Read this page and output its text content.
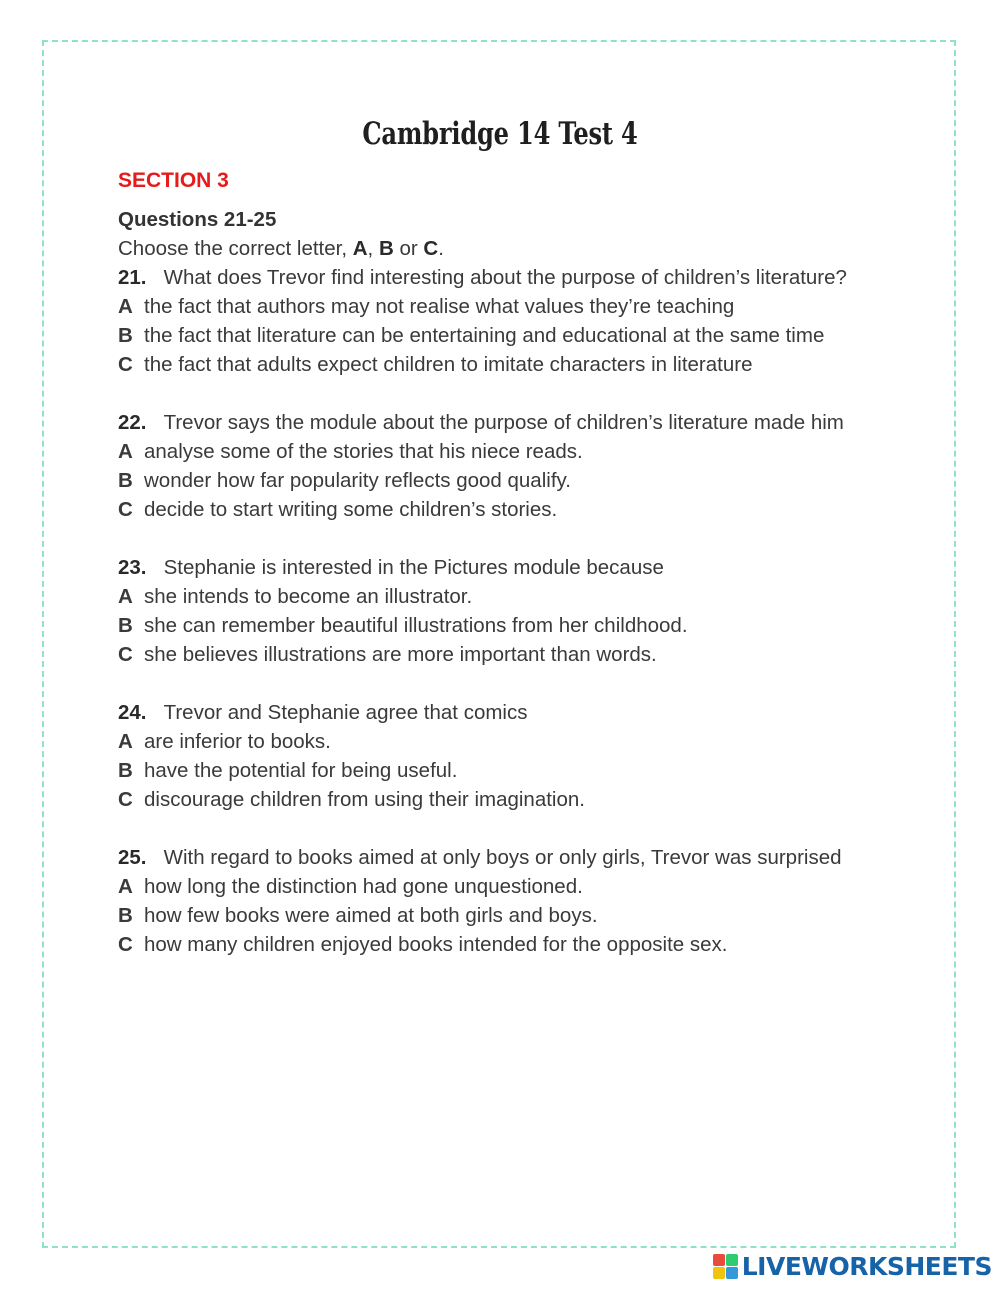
Cambridge 14 Test 4
SECTION 3
Questions 21-25
Choose the correct letter, A, B or C.
21. What does Trevor find interesting about the purpose of children’s literature?
A the fact that authors may not realise what values they’re teaching
B the fact that literature can be entertaining and educational at the same time
C the fact that adults expect children to imitate characters in literature
22. Trevor says the module about the purpose of children’s literature made him
A analyse some of the stories that his niece reads.
B wonder how far popularity reflects good qualify.
C decide to start writing some children’s stories.
23. Stephanie is interested in the Pictures module because
A she intends to become an illustrator.
B she can remember beautiful illustrations from her childhood.
C she believes illustrations are more important than words.
24. Trevor and Stephanie agree that comics
A are inferior to books.
B have the potential for being useful.
C discourage children from using their imagination.
25. With regard to books aimed at only boys or only girls, Trevor was surprised
A how long the distinction had gone unquestioned.
B how few books were aimed at both girls and boys.
C how many children enjoyed books intended for the opposite sex.
LIVEWORKSHEETS
